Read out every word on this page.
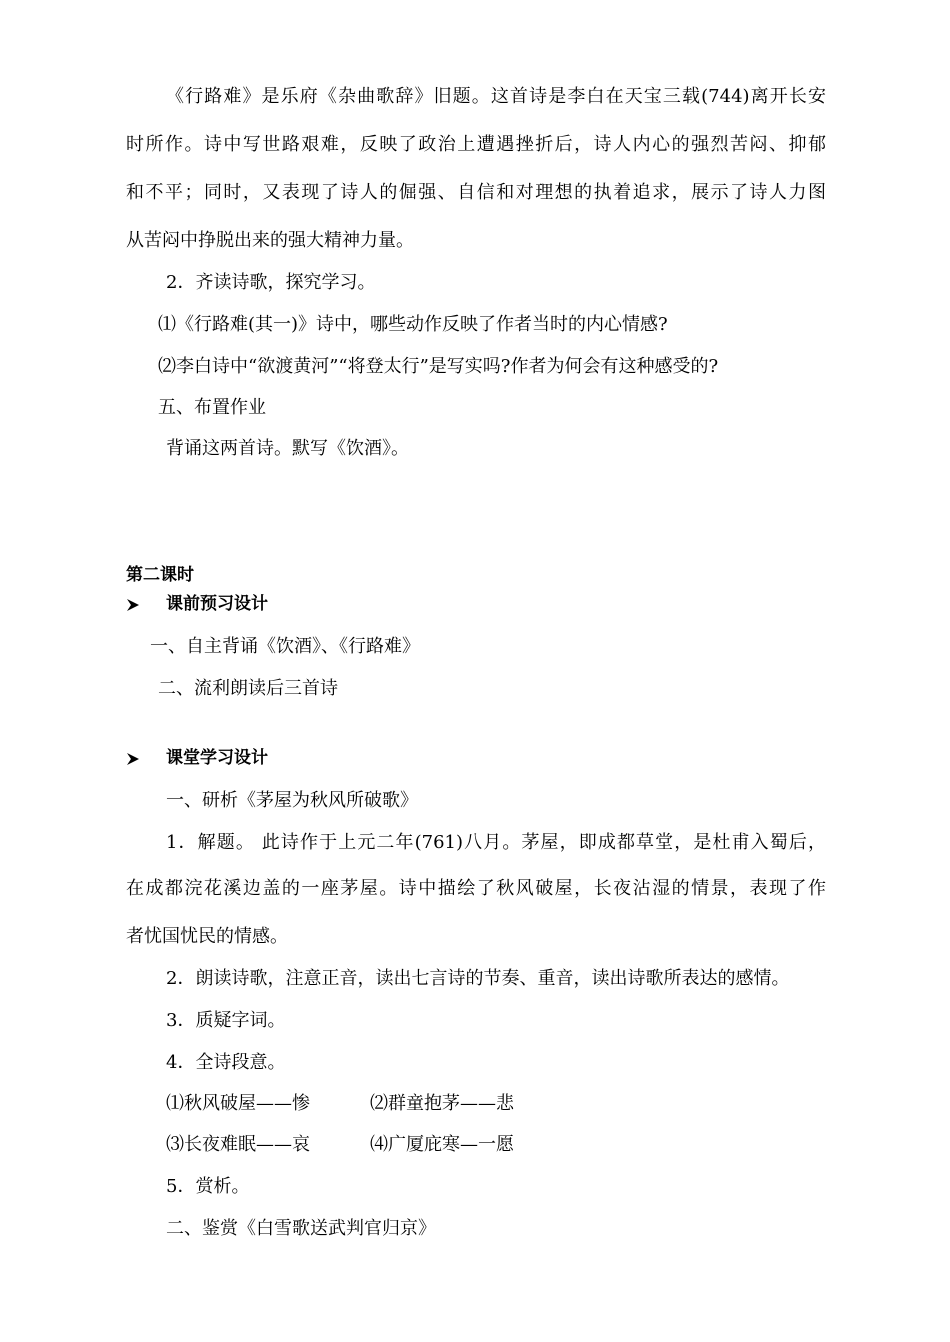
《行路难》是乐府《杂曲歌辞》旧题。这首诗是李白在天宝三载(744)离开长安
时所作。诗中写世路艰难，反映了政治上遭遇挫折后，诗人内心的强烈苦闷、抑郁
和不平；同时，又表现了诗人的倔强、自信和对理想的执着追求，展示了诗人力图
从苦闷中挣脱出来的强大精神力量。
2．齐读诗歌，探究学习。
⑴《行路难(其一)》诗中，哪些动作反映了作者当时的内心情感?
⑵李白诗中“欲渡黄河”“将登太行”是写实吗?作者为何会有这种感受的?
五、布置作业
背诵这两首诗。默写《饮酒》。
第二课时
课前预习设计
一、自主背诵《饮酒》、《行路难》
二、流利朗读后三首诗
课堂学习设计
一、研析《茅屋为秋风所破歌》
1．解题。 此诗作于上元二年(761)八月。茅屋，即成都草堂，是杜甫入蜀后，
在成都浣花溪边盖的一座茅屋。诗中描绘了秋风破屋，长夜沾湿的情景，表现了作
者忧国忧民的情感。
2．朗读诗歌，注意正音，读出七言诗的节奏、重音，读出诗歌所表达的感情。
3．质疑字词。
4．全诗段意。
⑴秋风破屋——惨	⑵群童抱茅——悲
⑶长夜难眠——哀	⑷广厦庇寒—一愿
5．赏析。
二、鉴赏《白雪歌送武判官归京》
